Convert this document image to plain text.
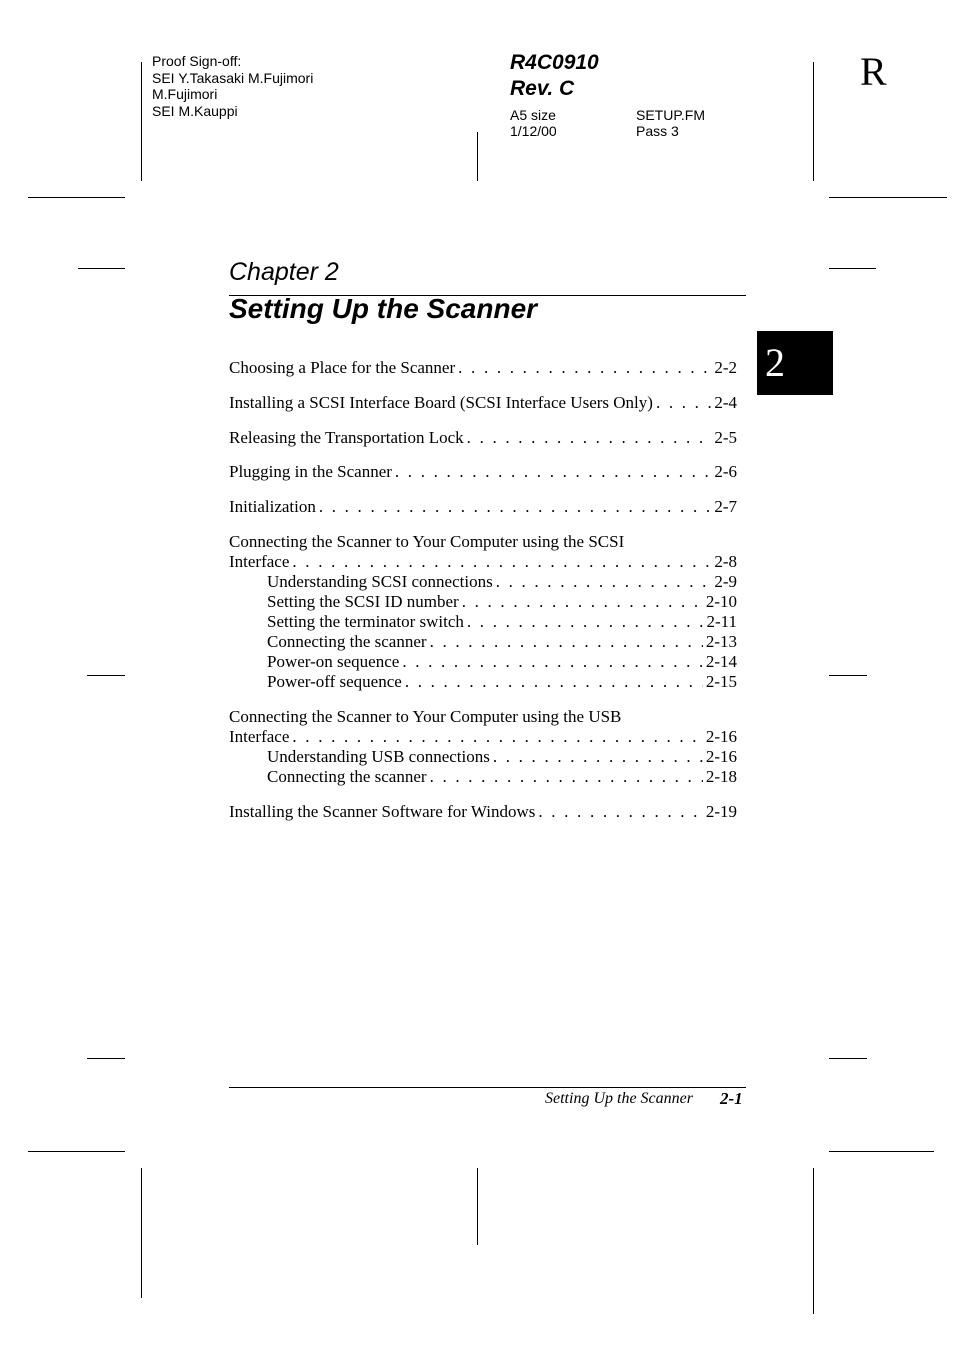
Proof Sign-off:
SEI Y.Takasaki M.Fujimori
M.Fujimori
SEI M.Kauppi
R4C0910
Rev. C
A5 size
1/12/00
SETUP.FM
Pass 3
R
Chapter 2
Setting Up the Scanner
2
Choosing a Place for the Scanner . . .	2-2
Installing a SCSI Interface Board (SCSI Interface Users Only) . . .	2-4
Releasing the Transportation Lock . . .	2-5
Plugging in the Scanner . . .	2-6
Initialization . . .	2-7
Connecting the Scanner to Your Computer using the SCSI
Interface . . .	2-8
Understanding SCSI connections . . .	2-9
Setting the SCSI ID number . . .	2-10
Setting the terminator switch . . .	2-11
Connecting the scanner . . .	2-13
Power-on sequence . . .	2-14
Power-off sequence . . .	2-15
Connecting the Scanner to Your Computer using the USB
Interface . . .	2-16
Understanding USB connections . . .	2-16
Connecting the scanner . . .	2-18
Installing the Scanner Software for Windows . . .	2-19
Setting Up the Scanner 2-1
